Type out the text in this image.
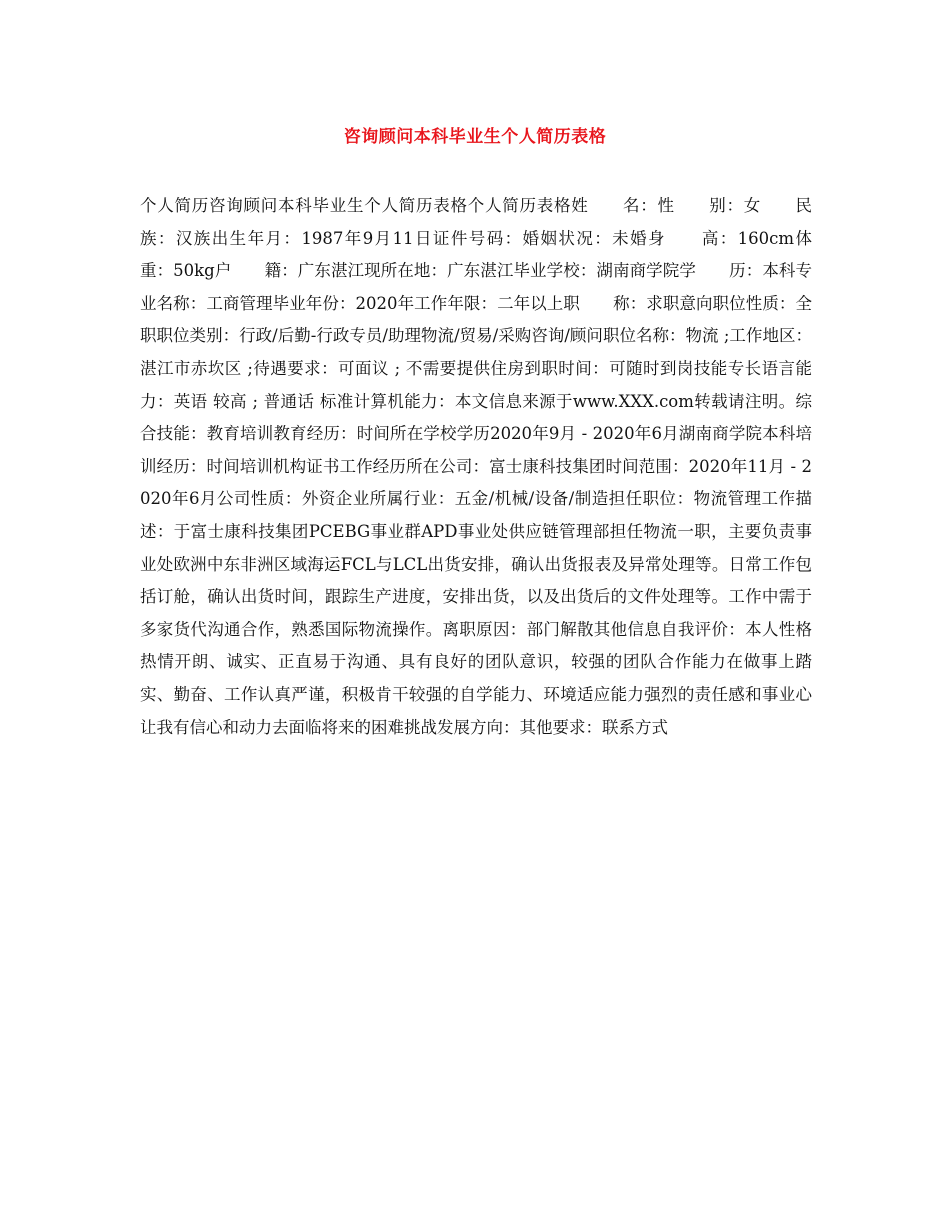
咨询顾问本科毕业生个人简历表格

个人简历咨询顾问本科毕业生个人简历表格个人简历表格姓　　名：性　　别：女　　民　　族：汉族出生年月：1987年9月11日证件号码：婚姻状况：未婚身　　高：160cm体　　重：50kg户　　籍：广东湛江现所在地：广东湛江毕业学校：湖南商学院学　　历：本科专业名称：工商管理毕业年份：2020年工作年限：二年以上职　　称：求职意向职位性质：全 职职位类别：行政/后勤-行政专员/助理物流/贸易/采购咨询/顾问职位名称：物流 ;工作地区：湛江市赤坎区 ;待遇要求：可面议 ; 不需要提供住房到职时间：可随时到岗技能专长语言能力：英语 较高 ; 普通话 标准计算机能力：本文信息来源于www.XXX.com转载请注明。综合技能：教育培训教育经历：时间所在学校学历2020年9月 - 2020年6月湖南商学院本科培训经历：时间培训机构证书工作经历所在公司：富士康科技集团时间范围：2020年11月 - 2020年6月公司性质：外资企业所属行业：五金/机械/设备/制造担任职位：物流管理工作描述：于富士康科技集团PCEBG事业群APD事业处供应链管理部担任物流一职，主要负责事业处欧洲中东非洲区域海运FCL与LCL出货安排，确认出货报表及异常处理等。日常工作包括订舱，确认出货时间，跟踪生产进度，安排出货，以及出货后的文件处理等。工作中需于多家货代沟通合作，熟悉国际物流操作。离职原因：部门解散其他信息自我评价：本人性格热情开朗、诚实、正直易于沟通、具有良好的团队意识，较强的团队合作能力在做事上踏实、勤奋、工作认真严谨，积极肯干较强的自学能力、环境适应能力强烈的责任感和事业心让我有信心和动力去面临将来的困难挑战发展方向：其他要求：联系方式
